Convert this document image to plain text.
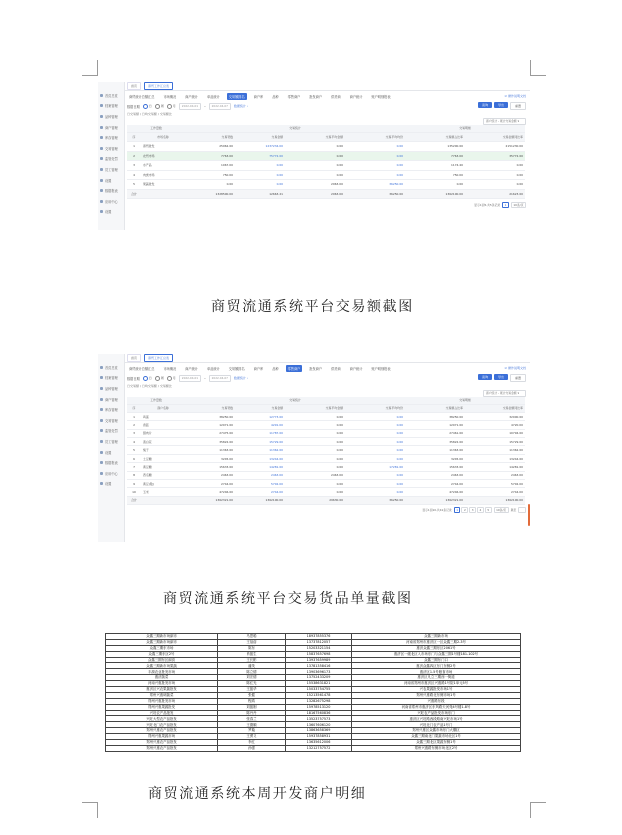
首页总览
档案管理
品种管理
商户管理
库存管理
交易管理
监管处罚
员工管理
设置
数据报表
应用中心
设置
首页	商贸工作汇总表
商贸统计总额汇总	市场概况	商户统计	单品统计	交易额排名	商户库	品种	零售商户	批发商户	供货商	商户统计	账户明细报表	⊙ 操作说明文档
数据日期	日	周	月	2022-04-01	–	2022-04-07	数据统计 ›	查询	导出	重置
日交易额 / 日均交易额 / 交易额比
商户统计 - 累计交易金额 ▾
工作量数		交易统计				交易明细	
序	市场名称	交易笔数	交易金额	交易平均金额	交易平均均价	交易额占比率	交易金额同比率
1	商贸批发	25962.00	1237234.00	0.00	0.00	135200.00	2151230.00
2	农贸市场	7763.00	75772.00	0.00	0.00	7763.00	35772.00
3	水产品	1067.00	0.00	0.00	0.00	1174.40	0.00
4	肉类市场	750.00	0.00	0.00	0.00	750.00	0.00
5	果蔬批发	0.00	0.00	2963.00	36250.00	0.00	0.00
合计		1328500.00	12663.21	2963.00	36250.00	1362100.00	21623.00
显示1到5,共5条记录	1	10条/页
商贸流通系统平台交易额截图
首页总览
档案管理
品种管理
商户管理
库存管理
交易管理
监管处罚
员工管理
设置
数据报表
应用中心
设置
首页	商贸工作汇总表
商贸统计总额汇总	市场概况	商户统计	单品统计	交易额排名	商户库	品种	零售商户	批发商户	供货商	商户统计	账户明细报表	⊙ 操作说明文档
数据日期	日	周	月	2022-04-01	–	2022-04-07	数据统计 ›	查询	导出	重置
日交易额 / 日均交易额 / 交易额比
商户统计 - 累计交易金额 ▾
工作量数		交易统计				交易明细	
序	商户名称	交易笔数	交易金额	交易平均金额	交易平均均价	交易额占比率	交易金额同比率
1	鸡蛋	38250.00	12773.00	0.00	0.00	38250.00	32000.00
2	香菇	12071.00	4291.00	0.00	0.00	12071.00	4720.00
3	猪肉片	27475.00	11787.00	0.00	0.00	27461.00	10794.00
4	葱白花	35822.00	15729.00	0.00	0.00	35822.00	15729.00
5	梨子	11363.00	11362.00	0.00	0.00	11363.00	11362.00
6	土豆糖	3245.00	13244.00	0.00	0.00	3245.00	13244.00
7	黄豆糖	15633.00	14281.00	0.00	17281.00	15633.00	14281.00
8	西瓜糖	2463.00	2463.00	2463.00	0.00	2463.00	2463.00
9	黄豆(散)	2744.00	5702.00	0.00	0.00	2744.00	5702.00
10	玉米	47246.00	2744.00	0.00	0.00	47246.00	2744.00
合计		1362321.00	1362100.00	29630.00	36250.00	1362321.00	1362100.00
显示1到10,共41条记录	1	2	3	4	5	10条/页	跳至

商贸流通系统平台交易货品单量截图
众鑫三期新市场副市	马思聪	18937855376	众鑫三期新市场
众鑫三期新市场副市	王蓓蓓	13737812057	河南省郑州市惠济区一区众鑫三期2-3号
众鑫三期东市场	陈东	15203321154	惠济众鑫三期东区2061号
众鑫三期东区2号	肖振生	15837657698	惠济区一级北区入市场东门与众鑫三期1号楼181-102号
众鑫三期东区副食	王长彬	13937659989	众鑫三期东门口
众鑫三期新市场果蔬	潘茂	13781358416	惠济众鑫四区东门东侧2号
丰源农业批发市场	陈立德	13903696173	惠济区1.5号粮食市场
惠济蔬菜	刘宏德	13752433209	惠济区凡立三期西一街道
河南兴惠批发市场	陈红光	15538631821	河南省郑州市惠济区兴惠路1号院1单元5号
惠济区兴农果蔬批发	王振华	15033754755	兴农果蔬批发市场1号
郑州兴惠调蔬菜	张健	15213561478	郑州兴惠路北东侧市场1号
郑州兴惠批发市场	程鸿	13282675298	兴惠路东段
郑州兴惠果蔬批发	刘振刚	15978513120	河南省郑州市惠济区东风路天河苑4号楼1-8号
兴旺农产品批发	陈丹丹	18167560836	兴旺农产品批发市场东门
兴旺大型农产品批发	张春兰	13523757573	惠济区兴旺路西段路南兴旺市场1号
兴旺北门农产品批发	王德顺	13607606120	兴旺北门农产品1号门
郑州兴惠农产品批发	罗璇	13863658369	郑州兴惠区众鑫市场东门大棚区
郑州兴惠果蔬市场	王勇义	15937858931	众鑫三期南北门果蔬市场北区1号
郑州兴惠农产品批发	李红	13635612006	众鑫三期北区果蔬东侧1号
郑州兴惠农产品批发	孙强	13212757572	郑州兴惠路东侧市场北区2号
商贸流通系统本周开发商户明细
